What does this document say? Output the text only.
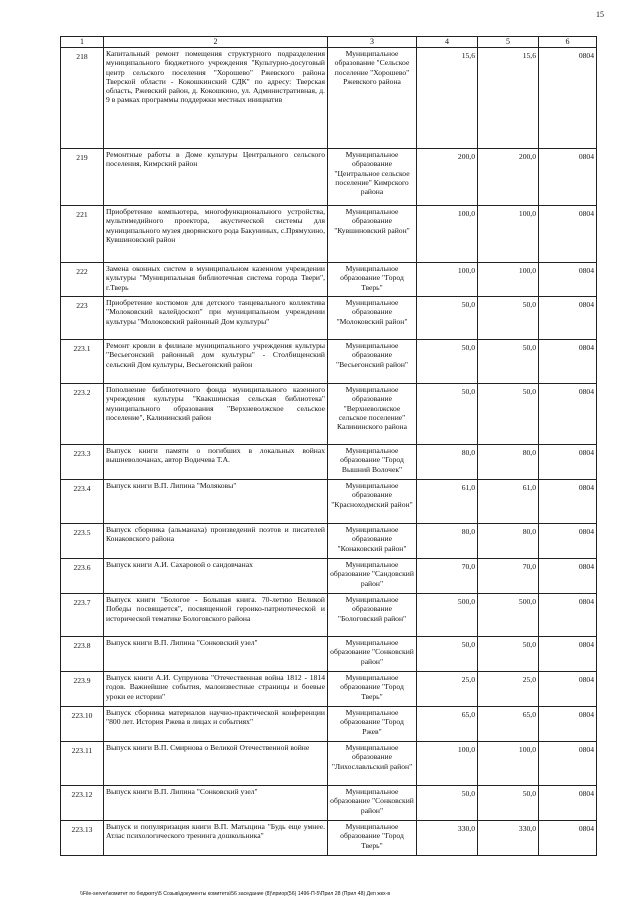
15
1	2	3	4	5	6
218	Капитальный ремонт помещения структурного подразделения муниципального бюджетного учреждения "Культурно-досуговый центр сельского поселения "Хорошево" Ржевского района Тверской области - Кокошкинский СДК" по адресу: Тверская область, Ржевский район, д. Кокошкино, ул. Административная, д. 9 в рамках программы поддержки местных инициатив	Муниципальное образование "Сельское поселение "Хорошево" Ржевского района	15,6	15,6	0804
219	Ремонтные работы в Доме культуры Центрального сельского поселения, Кимрский район	Муниципальное образование "Центральное сельское поселение" Кимрского района	200,0	200,0	0804
221	Приобретение компьютера, многофункционального устройства, мультимедийного проектора, акустической системы для муниципального музея дворянского рода Бакуниных, с.Прямухино, Кувшиновский район	Муниципальное образование "Кувшиновский район"	100,0	100,0	0804
222	Замена оконных систем в муниципальном казенном учреждении культуры "Муниципальная библиотечная система города Твери", г.Тверь	Муниципальное образование "Город Тверь"	100,0	100,0	0804
223	Приобретение костюмов для детского танцевального коллектива "Молоковский калейдоскоп" при муниципальном учреждении культуры "Молоковский районный Дом культуры"	Муниципальное образование "Молоковский район"	50,0	50,0	0804
223.1	Ремонт кровли в филиале муниципального учреждения культуры "Весьегонский районный дом культуры" - Столбищенский сельский Дом культуры, Весьегонский район	Муниципальное образование "Весьегонский район"	50,0	50,0	0804
223.2	Пополнение библиотечного фонда муниципального казенного учреждения культуры "Квакшинская сельская библиотека" муниципального образования "Верхневолжское сельское поселение", Калининский район	Муниципальное образование "Верхневолжское сельское поселение" Калининского района	50,0	50,0	0804
223.3	Выпуск книги памяти о погибших в локальных войнах вышневолочанах, автор Водичева Т.А.	Муниципальное образование "Город Вышний Волочек"	80,0	80,0	0804
223.4	Выпуск книги В.П. Липина "Моляковы"	Муниципальное образование "Красноходмский район"	61,0	61,0	0804
223.5	Выпуск сборника (альманаха) произведений поэтов и писателей Конаковского района	Муниципальное образование "Конаковский район"	80,0	80,0	0804
223.6	Выпуск книги А.И. Сахаровой о сандовчанах	Муниципальное образование "Сандовский район"	70,0	70,0	0804
223.7	Выпуск книги "Бологое - Большая книга. 70-летию Великой Победы посвящается", посвященной героико-патриотической и исторической тематике Бологовского района	Муниципальное образование "Бологовский район"	500,0	500,0	0804
223.8	Выпуск книги В.П. Липина "Сонковский узел"	Муниципальное образование "Сонковский район"	50,0	50,0	0804
223.9	Выпуск книги А.И. Супрунова "Отечественная война 1812 - 1814 годов. Важнейшие события, малоизвестные страницы и боевые уроки ее истории"	Муниципальное образование "Город Тверь"	25,0	25,0	0804
223.10	Выпуск сборника материалов научно-практической конференции "800 лет. История Ржева в лицах и событиях"	Муниципальное образование "Город Ржев"	65,0	65,0	0804
223.11	Выпуск книги В.П. Смирнова о Великой Отечественной войне	Муниципальное образование "Лихославльский район"	100,0	100,0	0804
223.12	Выпуск книги В.П. Липина "Сонковский узел"	Муниципальное образование "Сонковский район"	50,0	50,0	0804
223.13	Выпуск и популяризация книги В.П. Матыцина "Будь еще умнее. Атлас психологического тренинга дошкольника"	Муниципальное образование "Город Тверь"	330,0	330,0	0804
\\File-server\комитет по бюджету\5 Созыв\документы комитета\56 заседание (8)\приор(56) 1496-П-5\Прил 28 (Прил 48) Деп жкх-в
